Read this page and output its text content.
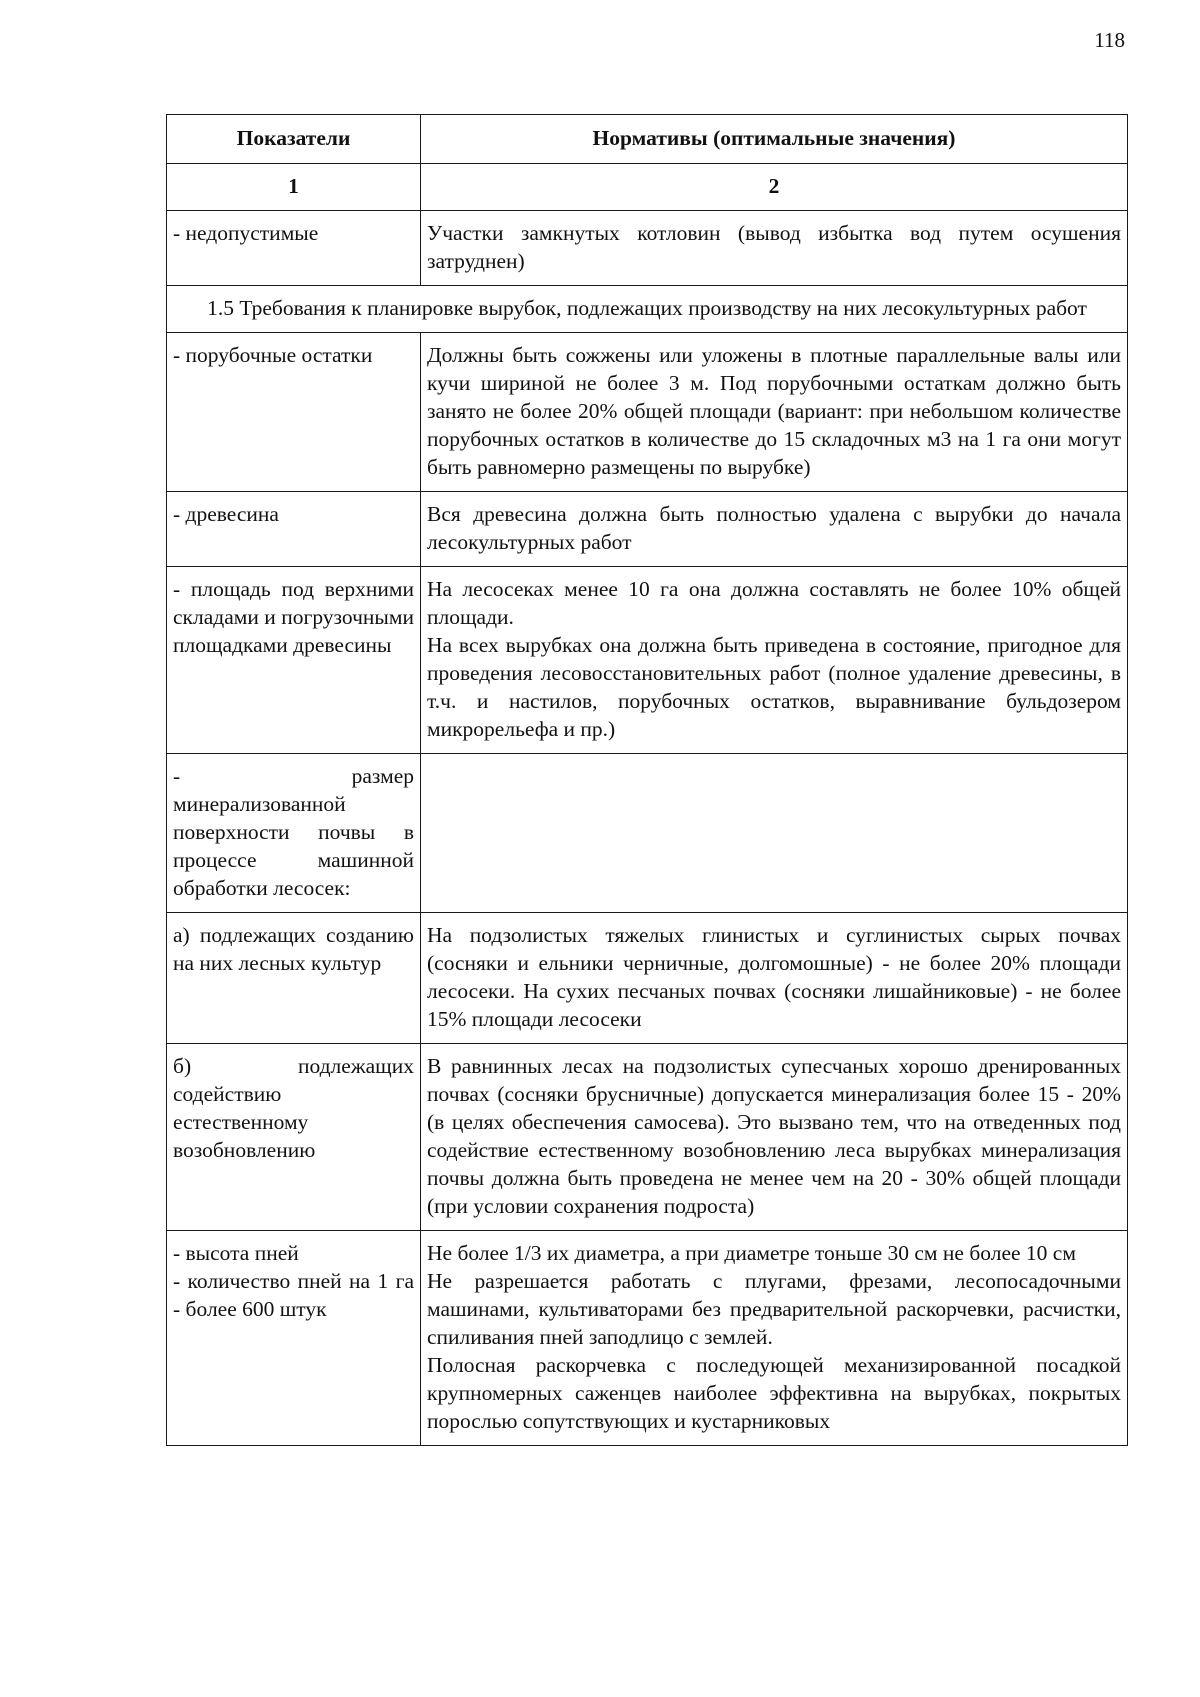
118
Показатели	Нормативы (оптимальные значения)
1	2
- недопустимые	Участки замкнутых котловин (вывод избытка вод путем осушения затруднен)
1.5 Требования к планировке вырубок, подлежащих производству на них лесокультурных работ	
- порубочные остатки	Должны быть сожжены или уложены в плотные параллельные валы или кучи шириной не более 3 м. Под порубочными остаткам должно быть занято не более 20% общей площади (вариант: при небольшом количестве порубочных остатков в количестве до 15 складочных м3 на 1 га они могут быть равномерно размещены по вырубке)
- древесина	Вся древесина должна быть полностью удалена с вырубки до начала лесокультурных работ
- площадь под верхними складами и погрузочными площадками древесины	На лесосеках менее 10 га она должна составлять не более 10% общей площади.
На всех вырубках она должна быть приведена в состояние, пригодное для проведения лесовосстановительных работ (полное удаление древесины, в т.ч. и настилов, порубочных остатков, выравнивание бульдозером микрорельефа и пр.)

- размер минерализованной поверхности почвы в процессе машинной обработки лесосек:	
а) подлежащих созданию на них лесных культур	На подзолистых тяжелых глинистых и суглинистых сырых почвах (сосняки и ельники черничные, долгомошные) - не более 20% площади лесосеки. На сухих песчаных почвах (сосняки лишайниковые) - не более 15% площади лесосеки
б) подлежащих содействию естественному возобновлению	В равнинных лесах на подзолистых супесчаных хорошо дренированных почвах (сосняки брусничные) допускается минерализация более 15 - 20% (в целях обеспечения самосева). Это вызвано тем, что на отведенных под содействие естественному возобновлению леса вырубках минерализация почвы должна быть проведена не менее чем на 20 - 30% общей площади (при условии сохранения подроста)

- высота пней
- количество пней на 1 га - более 600 штук	Не более 1/3 их диаметра, а при диаметре тоньше 30 см не более 10 см
Не разрешается работать с плугами, фрезами, лесопосадочными машинами, культиваторами без предварительной раскорчевки, расчистки, спиливания пней заподлицо с землей.
Полосная раскорчевка с последующей механизированной посадкой крупномерных саженцев наиболее эффективна на вырубках, покрытых порослью сопутствующих и кустарниковых
